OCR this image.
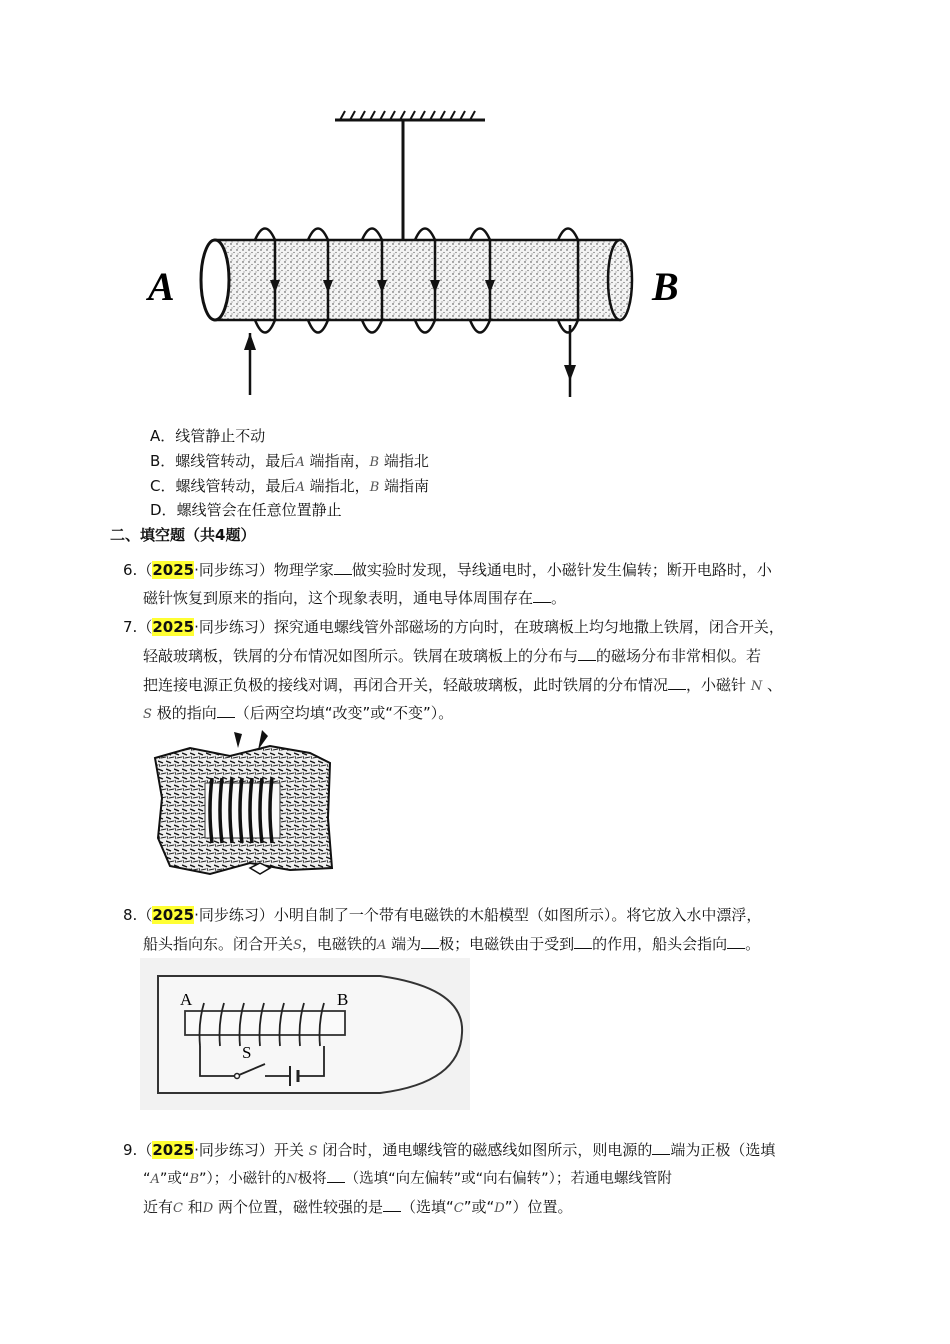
A	B
A．线管静止不动
B．螺线管转动，最后A 端指南，B 端指北
C．螺线管转动，最后A 端指北，B 端指南
D．螺线管会在任意位置静止
二、填空题（共4题）
6.（2025·同步练习）物理学家 做实验时发现，导线通电时，小磁针发生偏转；断开电路时，小
磁针恢复到原来的指向，这个现象表明，通电导体周围存在 。
7.（2025·同步练习）探究通电螺线管外部磁场的方向时，在玻璃板上均匀地撒上铁屑，闭合开关，
轻敲玻璃板，铁屑的分布情况如图所示。铁屑在玻璃板上的分布与 的磁场分布非常相似。若
把连接电源正负极的接线对调，再闭合开关，轻敲玻璃板，此时铁屑的分布情况 ，小磁针 N 、
S 极的指向 （后两空均填“改变”或“不变”）。
8.（2025·同步练习）小明自制了一个带有电磁铁的木船模型（如图所示）。将它放入水中漂浮，
船头指向东。闭合开关S，电磁铁的A 端为 极；电磁铁由于受到 的作用，船头会指向 。
A	B
S
9.（2025·同步练习）开关 S 闭合时，通电螺线管的磁感线如图所示，则电源的 端为正极（选填
“A”或“B”）；小磁针的N极将 （选填“向左偏转”或“向右偏转”）；若通电螺线管附
近有C 和D 两个位置，磁性较强的是 （选填“C”或“D”）位置。
